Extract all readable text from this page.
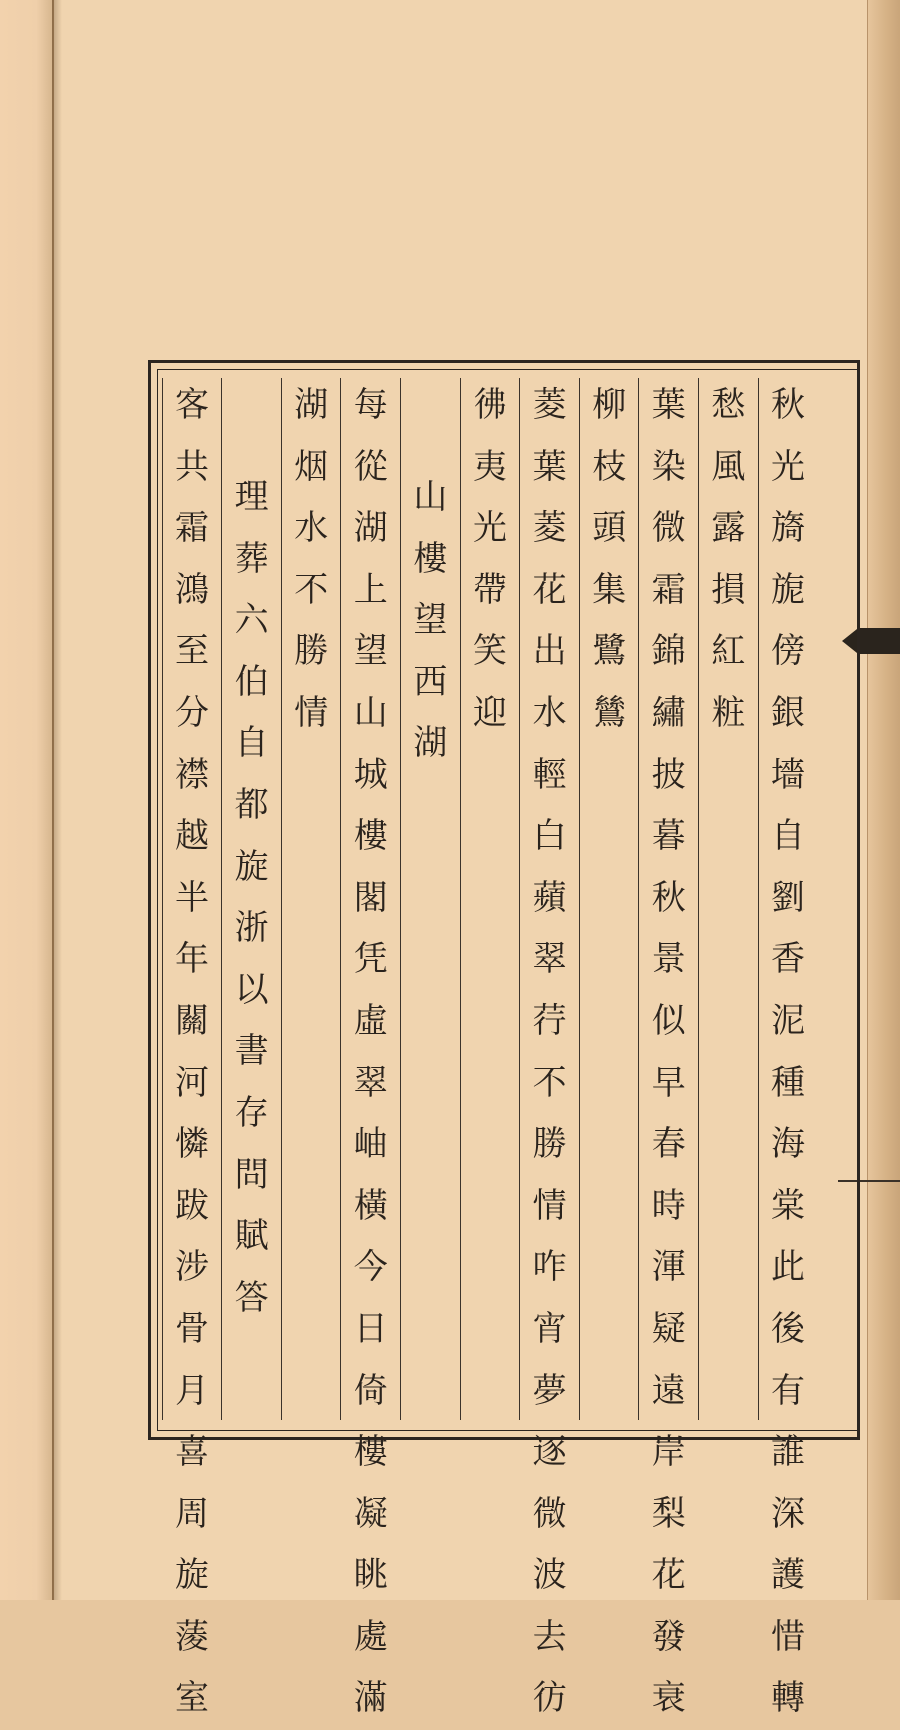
秋
光
旖
旎
傍
銀
墻
自
劉
香
泥
種
海
棠
此
後
有
誰
深
護
惜
轉
愁
風
露
損
紅
粧
葉
染
微
霜
錦
繡
披
暮
秋
景
似
早
春
時
渾
疑
遠
岸
梨
花
發
衰
柳
枝
頭
集
鷺
鷥
菱
葉
菱
花
出
水
輕
白
蘋
翠
荇
不
勝
情
咋
宵
夢
逐
微
波
去
彷
彿
夷
光
帶
笑
迎
山
樓
望
西
湖
每
從
湖
上
望
山
城
樓
閣
凭
虛
翠
岫
橫
今
日
倚
樓
凝
眺
處
滿
湖
烟
水
不
勝
情
理
葬
六
伯
自
都
旋
浙
以
書
存
問
賦
答
客
共
霜
鴻
至
分
襟
越
半
年
關
河
憐
跋
涉
骨
月
喜
周
旋
蔆
室
